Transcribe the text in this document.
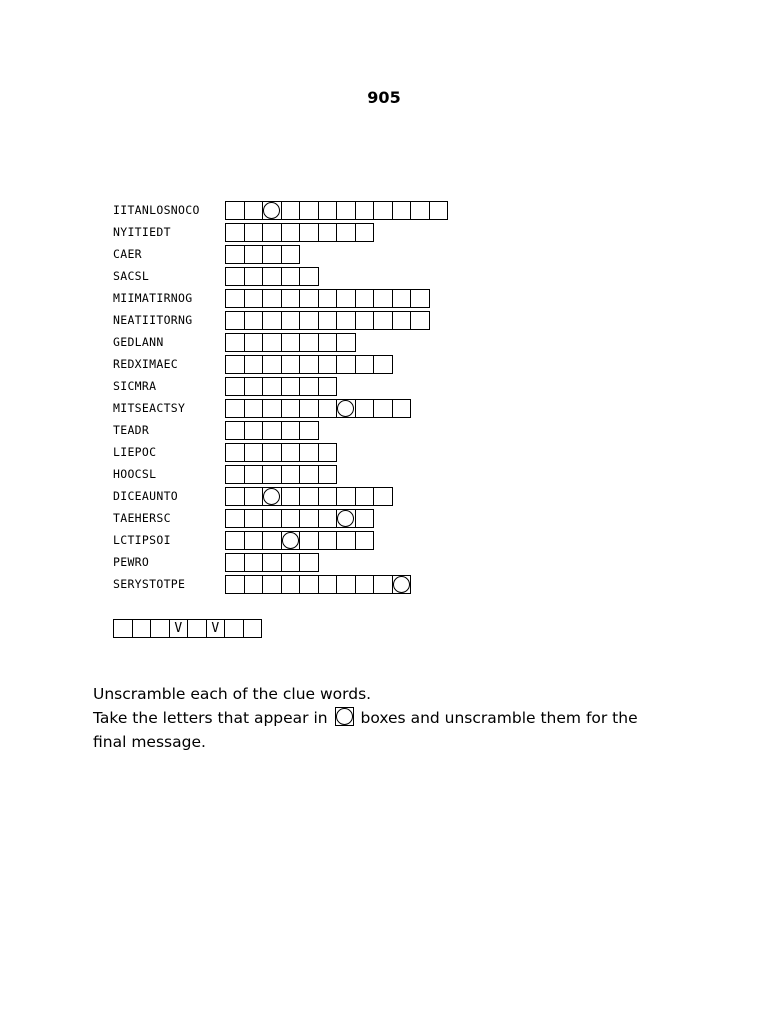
905
IITANLOSNOCO
NYITIEDT
CAER
SACSL
MIIMATIRNOG
NEATIITORNG
GEDLANN
REDXIMAEC
SICMRA
MITSEACTSY
TEADR
LIEPOC
HOOCSL
DICEAUNTO
TAEHERSC
LCTIPSOI
PEWRO
SERYSTOTPE
V	V
Unscramble each of the clue words.
Take the letters that appear in boxes and unscramble them for the
final message.
